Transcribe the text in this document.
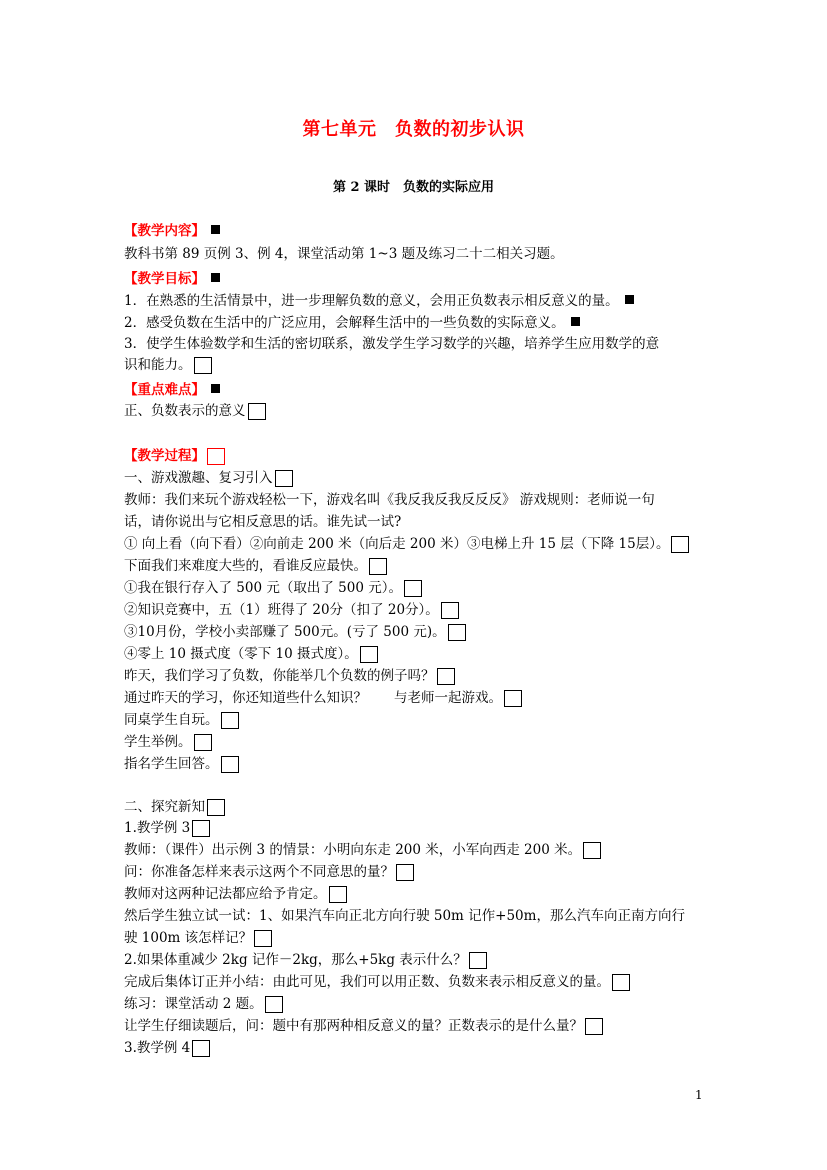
第七单元　负数的初步认识
第 2 课时　负数的实际应用
【教学内容】
教科书第 89 页例 3、例 4，课堂活动第 1~3 题及练习二十二相关习题。
【教学目标】
1．在熟悉的生活情景中，进一步理解负数的意义，会用正负数表示相反意义的量。
2．感受负数在生活中的广泛应用，会解释生活中的一些负数的实际意义。
3．使学生体验数学和生活的密切联系，激发学生学习数学的兴趣，培养学生应用数学的意
识和能力。
【重点难点】
正、负数表示的意义
【教学过程】
一、游戏激趣、复习引入
教师：我们来玩个游戏轻松一下，游戏名叫《我反我反我反反反》 游戏规则：老师说一句
话，请你说出与它相反意思的话。谁先试一试?
① 向上看（向下看）②向前走 200 米（向后走 200 米）③电梯上升 15 层（下降 15层）。
下面我们来难度大些的，看谁反应最快。
①我在银行存入了 500 元（取出了 500 元）。
②知识竞赛中，五（1）班得了 20分（扣了 20分）。
③10月份，学校小卖部赚了 500元。(亏了 500 元)。
④零上 10 摄式度（零下 10 摄式度）。
昨天，我们学习了负数，你能举几个负数的例子吗？
通过昨天的学习，你还知道些什么知识？　　与老师一起游戏。
同桌学生自玩。
学生举例。
指名学生回答。
二、探究新知
1.教学例 3
教师：（课件）出示例 3 的情景：小明向东走 200 米，小军向西走 200 米。
问：你准备怎样来表示这两个不同意思的量？
教师对这两种记法都应给予肯定。
然后学生独立试一试：1、如果汽车向正北方向行驶 50m 记作+50m，那么汽车向正南方向行
驶 100m 该怎样记？
2.如果体重减少 2kg 记作－2kg，那么+5kg 表示什么？
完成后集体订正并小结：由此可见，我们可以用正数、负数来表示相反意义的量。
练习：课堂活动 2 题。
让学生仔细读题后，问：题中有那两种相反意义的量？正数表示的是什么量？
3.教学例 4
1
